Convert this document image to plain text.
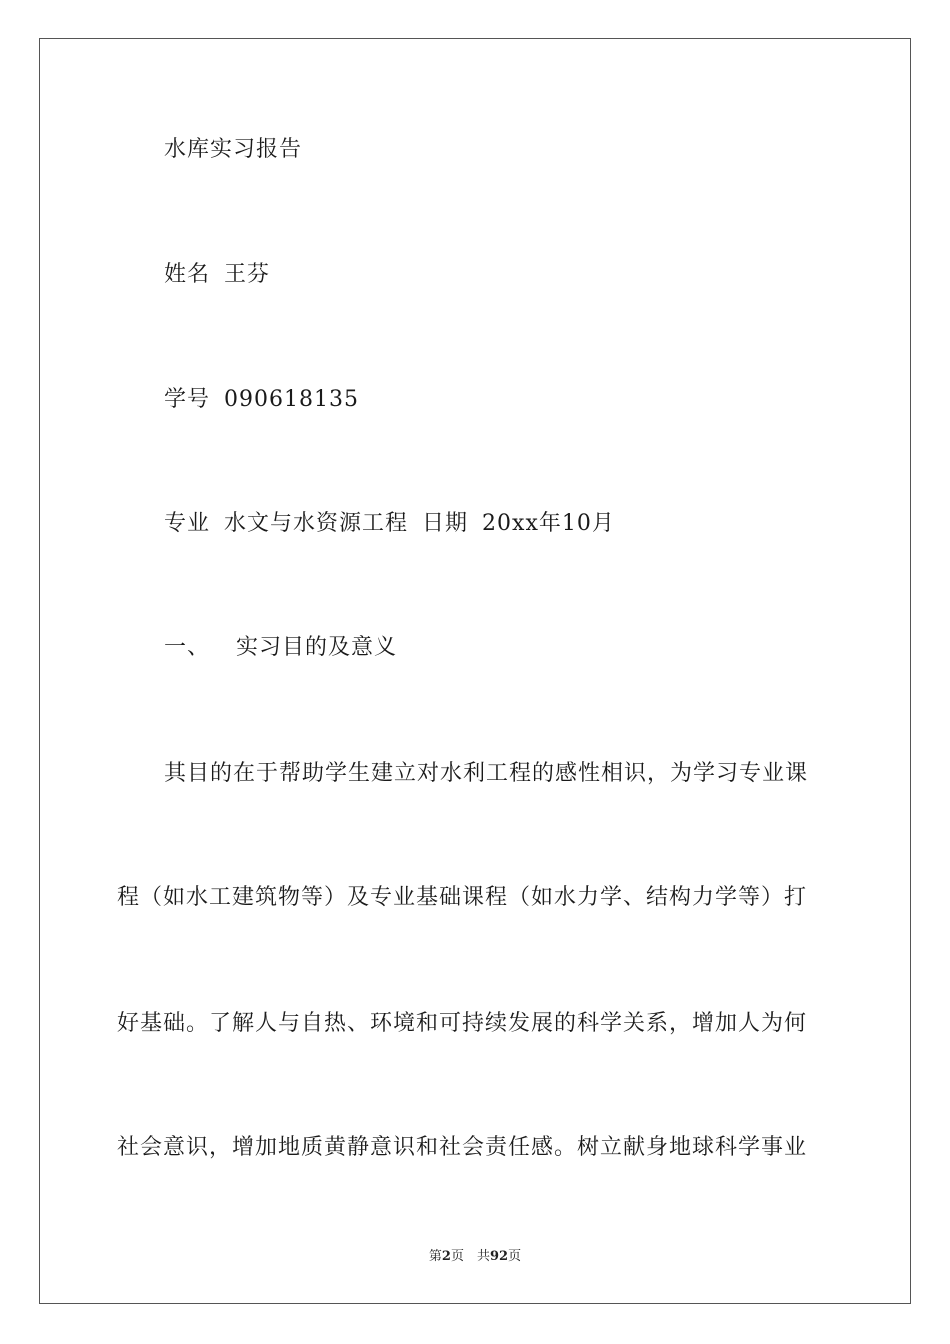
水库实习报告
姓名 王芬
学号 090618135
专业 水文与水资源工程 日期 20xx年10月
一、 实习目的及意义
其目的在于帮助学生建立对水利工程的感性相识，为学习专业课
程（如水工建筑物等）及专业基础课程（如水力学、结构力学等）打
好基础。了解人与自热、环境和可持续发展的科学关系，增加人为何
社会意识，增加地质黄静意识和社会责任感。树立献身地球科学事业
第2页　共92页
